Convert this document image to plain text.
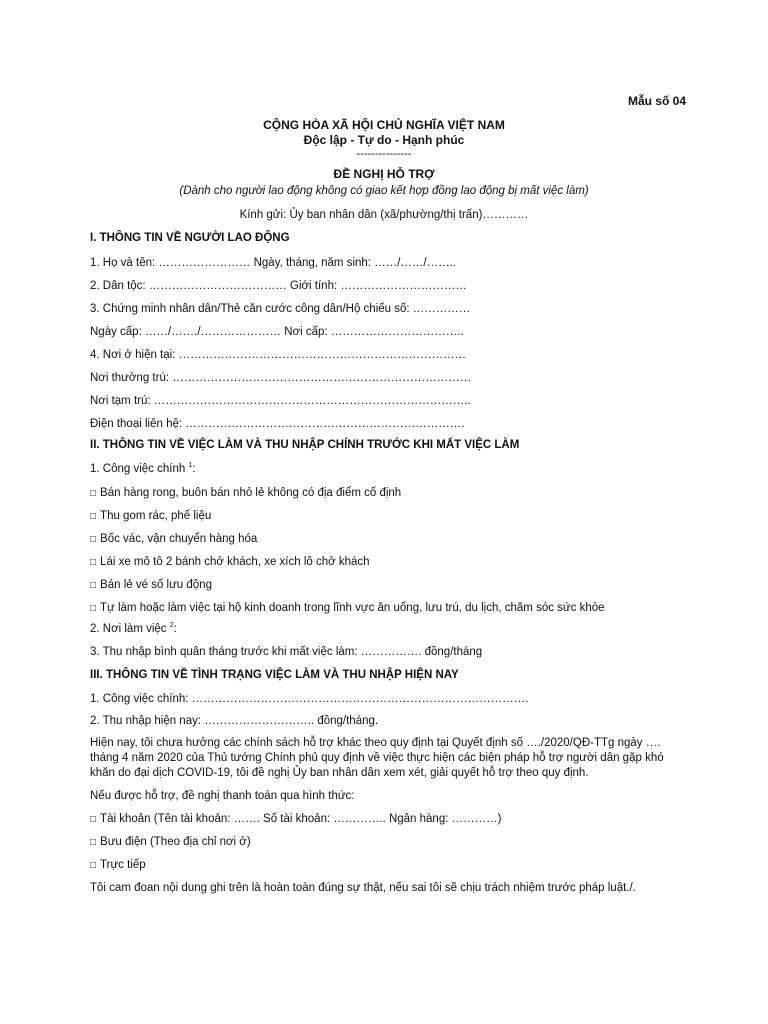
Mẫu số 04
CỘNG HÒA XÃ HỘI CHỦ NGHĨA VIỆT NAM
Độc lập - Tự do - Hạnh phúc
---------------
ĐỀ NGHỊ HỖ TRỢ
(Dành cho người lao động không có giao kết hợp đồng lao động bị mất việc làm)
Kính gửi: Ủy ban nhân dân (xã/phường/thị trấn)…………
I. THÔNG TIN VỀ NGƯỜI LAO ĐỘNG
1. Họ và tên: …………………… Ngày, tháng, năm sinh: ……/……/……..
2. Dân tộc: ……………………………… Giới tính: ……………………………
3. Chứng minh nhân dân/Thẻ căn cước công dân/Hộ chiếu số: ……………
Ngày cấp: ……/……./………………… Nơi cấp: ……………………………..
4. Nơi ở hiện tại: …………………………………………………………………
Nơi thường trú: ……………………………………………………………………
Nơi tạm trú: ………………………………………………………………………..
Điện thoại liên hệ: ……………………………………………………………….
II. THÔNG TIN VỀ VIỆC LÀM VÀ THU NHẬP CHÍNH TRƯỚC KHI MẤT VIỆC LÀM
1. Công việc chính $^1$:
□ Bán hàng rong, buôn bán nhỏ lẻ không có địa điểm cố định
□ Thu gom rác, phế liệu
□ Bốc vác, vận chuyển hàng hóa
□ Lái xe mô tô 2 bánh chở khách, xe xích lô chở khách
□ Bán lẻ vé số lưu động
□ Tự làm hoặc làm việc tại hộ kinh doanh trong lĩnh vực ăn uống, lưu trú, du lịch, chăm sóc sức khỏe
2. Nơi làm việc $^2$:
3. Thu nhập bình quân tháng trước khi mất việc làm: ……………. đồng/tháng
III. THÔNG TIN VỀ TÌNH TRẠNG VIỆC LÀM VÀ THU NHẬP HIỆN NAY
1. Công việc chính: …………………………………………………………………………….
2. Thu nhập hiện nay: ……………………….. đồng/tháng.
Hiện nay, tôi chưa hưởng các chính sách hỗ trợ khác theo quy định tại Quyết định số …./2020/QĐ-TTg ngày …. tháng 4 năm 2020 của Thủ tướng Chính phủ quy định về việc thực hiện các biện pháp hỗ trợ người dân gặp khó khăn do đại dịch COVID-19, tôi đề nghị Ủy ban nhân dân xem xét, giải quyết hỗ trợ theo quy định.
Nếu được hỗ trợ, đề nghị thanh toán qua hình thức:
□ Tài khoản (Tên tài khoản: ……. Số tài khoản: ………….. Ngân hàng: …………)
□ Bưu điện (Theo địa chỉ nơi ở)
□ Trực tiếp
Tôi cam đoan nội dung ghi trên là hoàn toàn đúng sự thật, nếu sai tôi sẽ chịu trách nhiệm trước pháp luật./.
